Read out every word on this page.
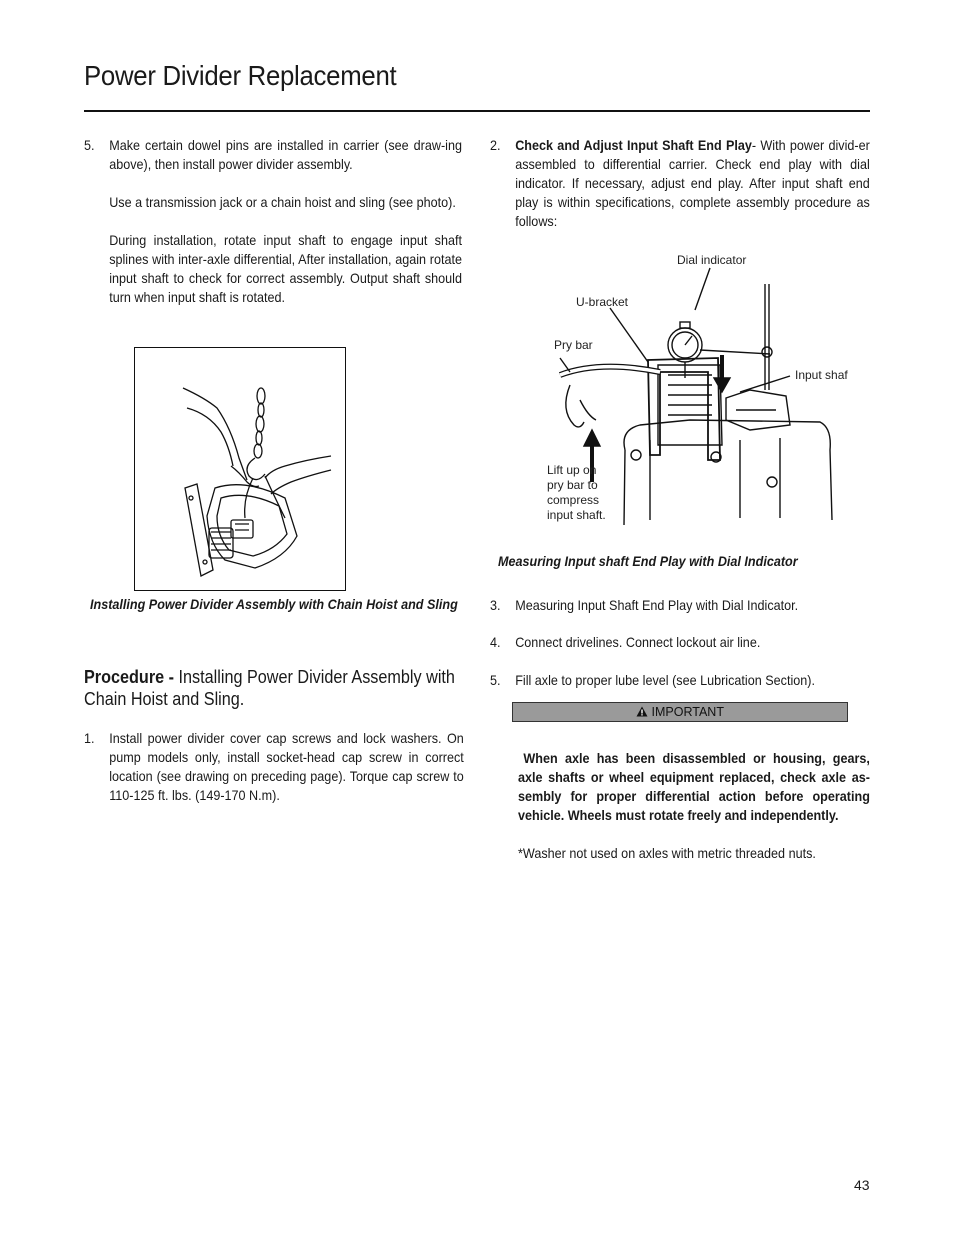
Power Divider Replacement
5. Make certain dowel pins are installed in carrier (see draw-ing above), then install power divider assembly.

Use a transmission jack or a chain hoist and sling (see photo).

During installation, rotate input shaft to engage input shaft splines with inter-axle differential, After installation, again rotate input shaft to check for correct assembly. Output shaft should turn when input shaft is rotated.

Installing Power Divider Assembly with Chain Hoist and Sling
Procedure - Installing Power Divider Assembly with Chain Hoist and Sling.
1. Install power divider cover cap screws and lock washers. On pump models only, install socket-head cap screw in correct location (see drawing on preceding page). Torque cap screw to 110-125 ft. lbs. (149-170 N.m).

2. Check and Adjust Input Shaft End Play- With power divid-er assembled to differential carrier. Check end play with dial indicator. If necessary, adjust end play. After input shaft end play is within specifications, complete assembly procedure as follows:

Dial indicator
U-bracket
Pry bar
Input shaf
Lift up on
pry bar to
compress
input shaft.
Measuring Input shaft End Play with Dial Indicator
3. Measuring Input Shaft End Play with Dial Indicator.

4. Connect drivelines. Connect lockout air line.

5. Fill axle to proper lube level (see Lubrication Section).

IMPORTANT
When axle has been disassembled or housing, gears, axle shafts or wheel equipment replaced, check axle as-sembly for proper differential action before operating vehicle. Wheels must rotate freely and independently.

*Washer not used on axles with metric threaded nuts.

43
